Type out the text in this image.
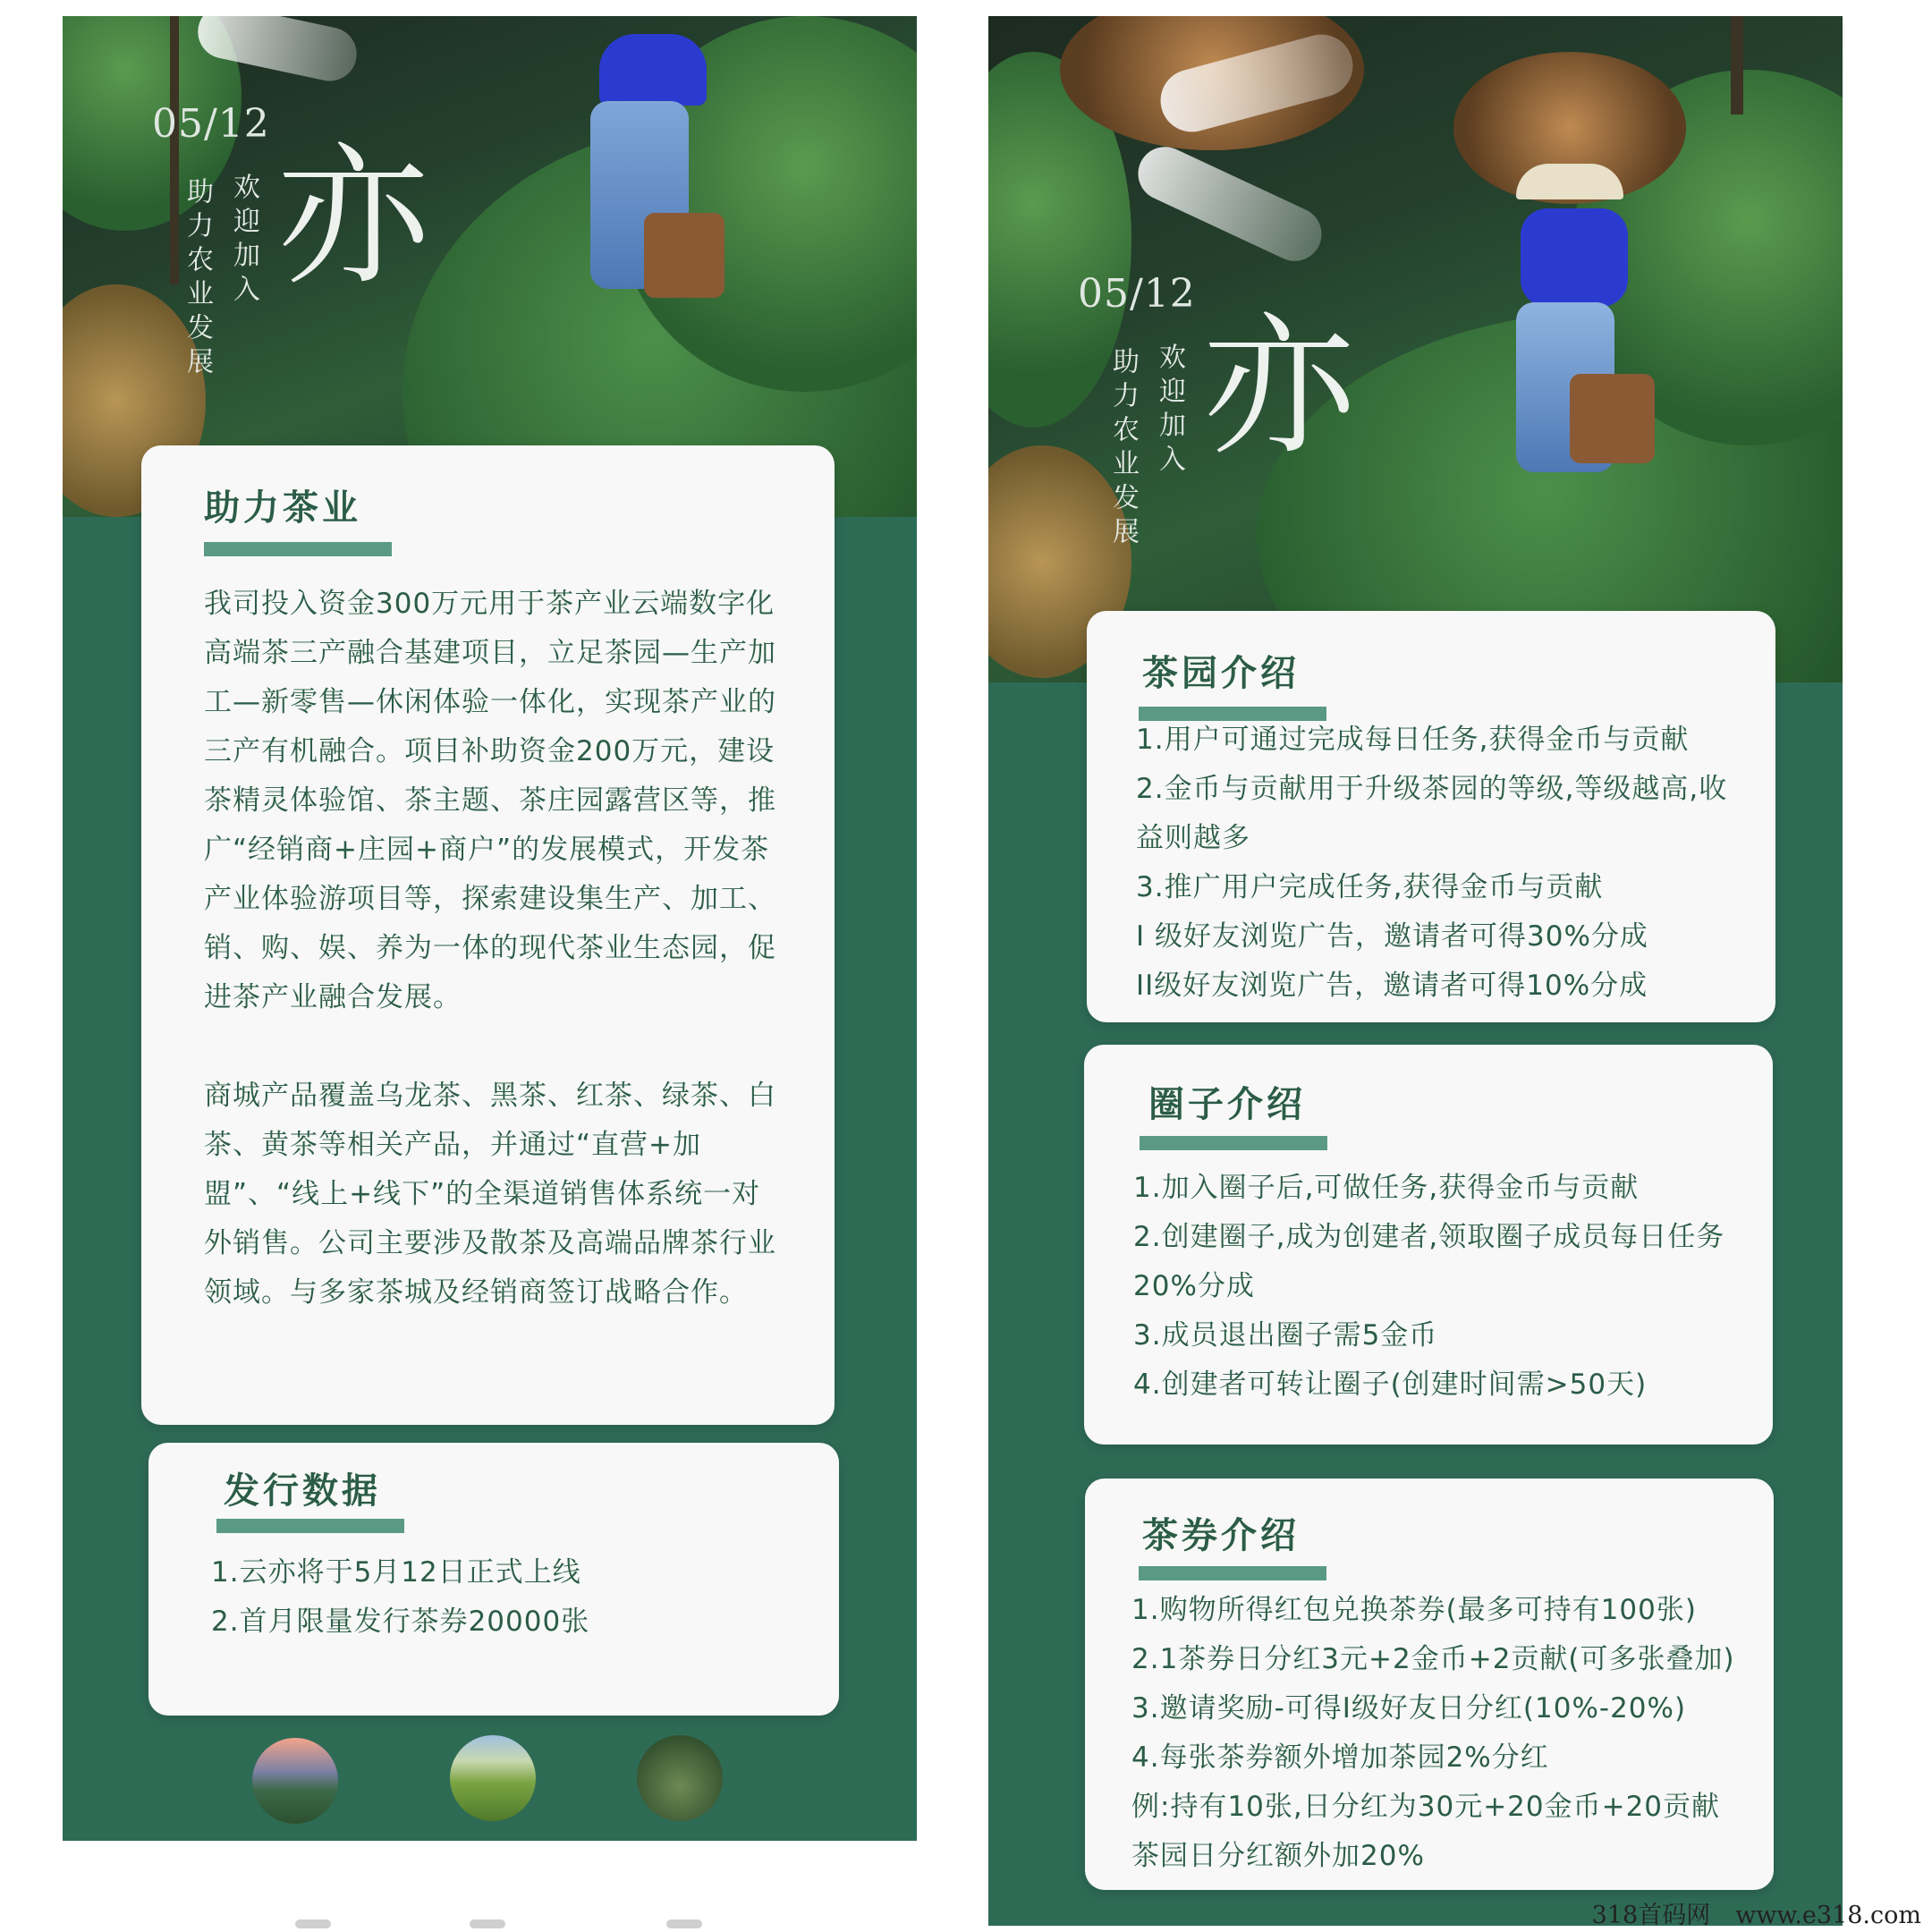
05/12
欢迎加入
助力农业发展 亦
助力茶业

我司投入资金300万元用于茶产业云端数字化高端茶三产融合基建项目，立足茶园—生产加工—新零售—休闲体验一体化，实现茶产业的三产有机融合。项目补助资金200万元，建设茶精灵体验馆、茶主题、茶庄园露营区等，推广“经销商+庄园+商户”的发展模式，开发茶产业体验游项目等，探索建设集生产、加工、销、购、娱、养为一体的现代茶业生态园，促进茶产业融合发展。

商城产品覆盖乌龙茶、黑茶、红茶、绿茶、白茶、黄茶等相关产品，并通过“直营+加盟”、“线上+线下”的全渠道销售体系统一对外销售。公司主要涉及散茶及高端品牌茶行业领域。与多家茶城及经销商签订战略合作。

发行数据

1.云亦将于5月12日正式上线

2.首月限量发行茶券20000张

05/12
欢迎加入
助力农业发展 亦
茶园介绍

1.用户可通过完成每日任务,获得金币与贡献

2.金币与贡献用于升级茶园的等级,等级越高,收益则越多

3.推广用户完成任务,获得金币与贡献

I 级好友浏览广告，邀请者可得30%分成

II级好友浏览广告，邀请者可得10%分成

圈子介绍

1.加入圈子后,可做任务,获得金币与贡献

2.创建圈子,成为创建者,领取圈子成员每日任务20%分成

3.成员退出圈子需5金币

4.创建者可转让圈子(创建时间需>50天)

茶券介绍

1.购物所得红包兑换茶券(最多可持有100张)

2.1茶券日分红3元+2金币+2贡献(可多张叠加)

3.邀请奖励-可得I级好友日分红(10%-20%)

4.每张茶券额外增加茶园2%分红

例:持有10张,日分红为30元+20金币+20贡献

茶园日分红额外加20%

318首码网 www.e318.com
